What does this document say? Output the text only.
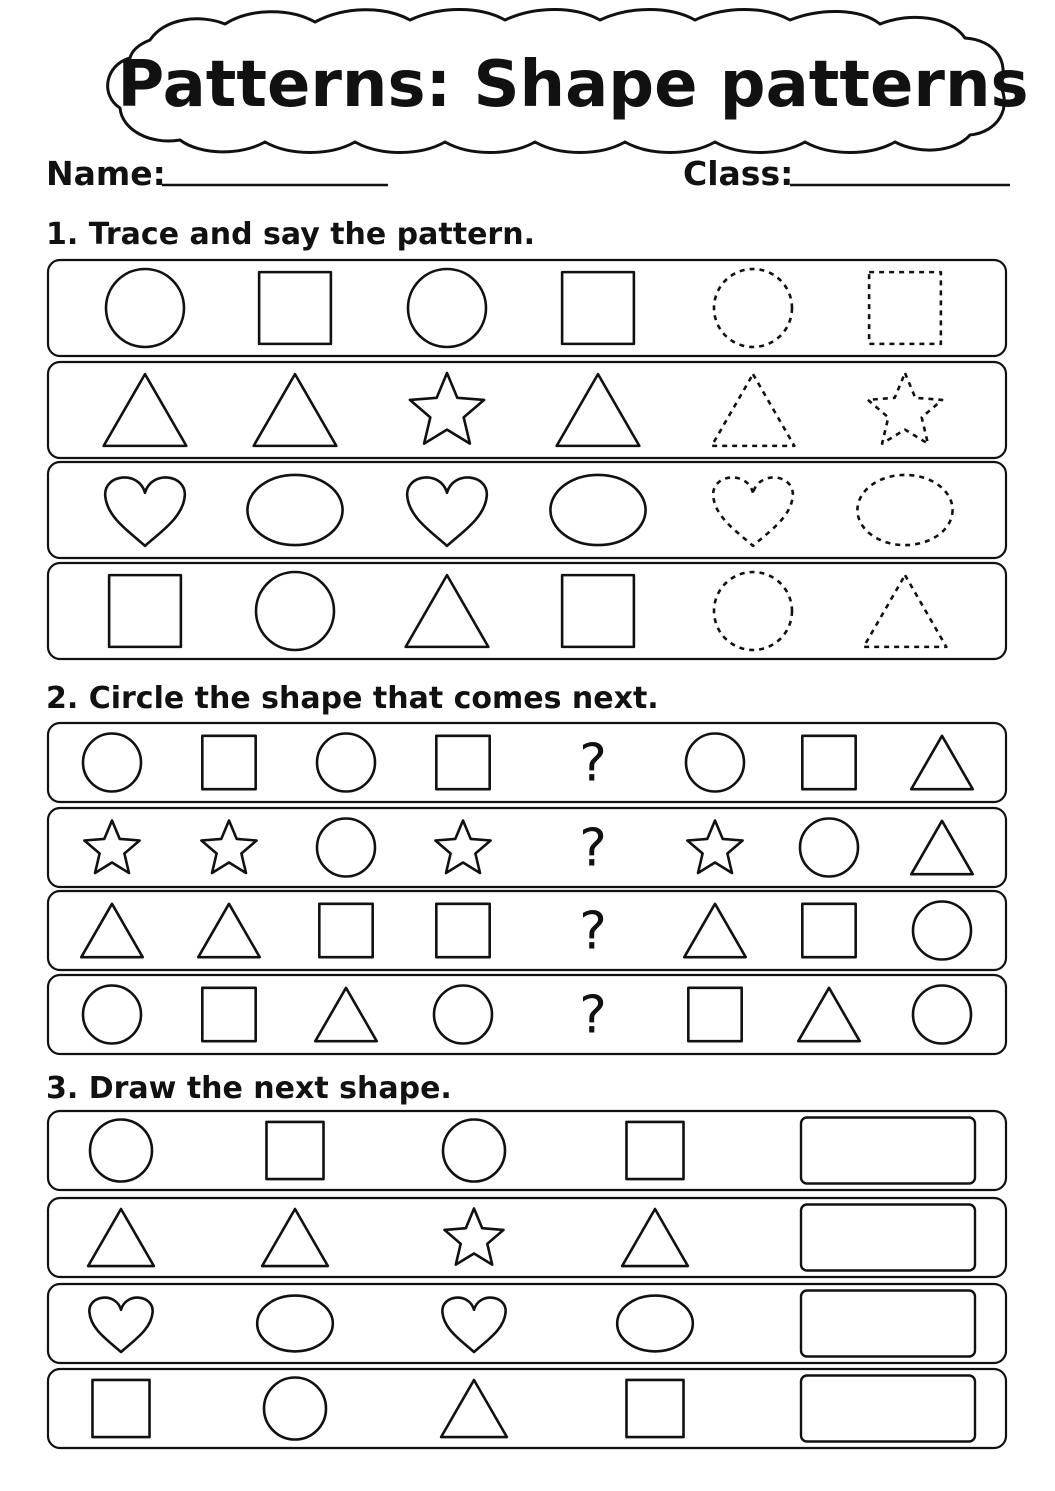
Patterns: Shape patterns
Name:	Class:
1. Trace and say the pattern.
2. Circle the shape that comes next.
3. Draw the next shape.
?
?
?
?
